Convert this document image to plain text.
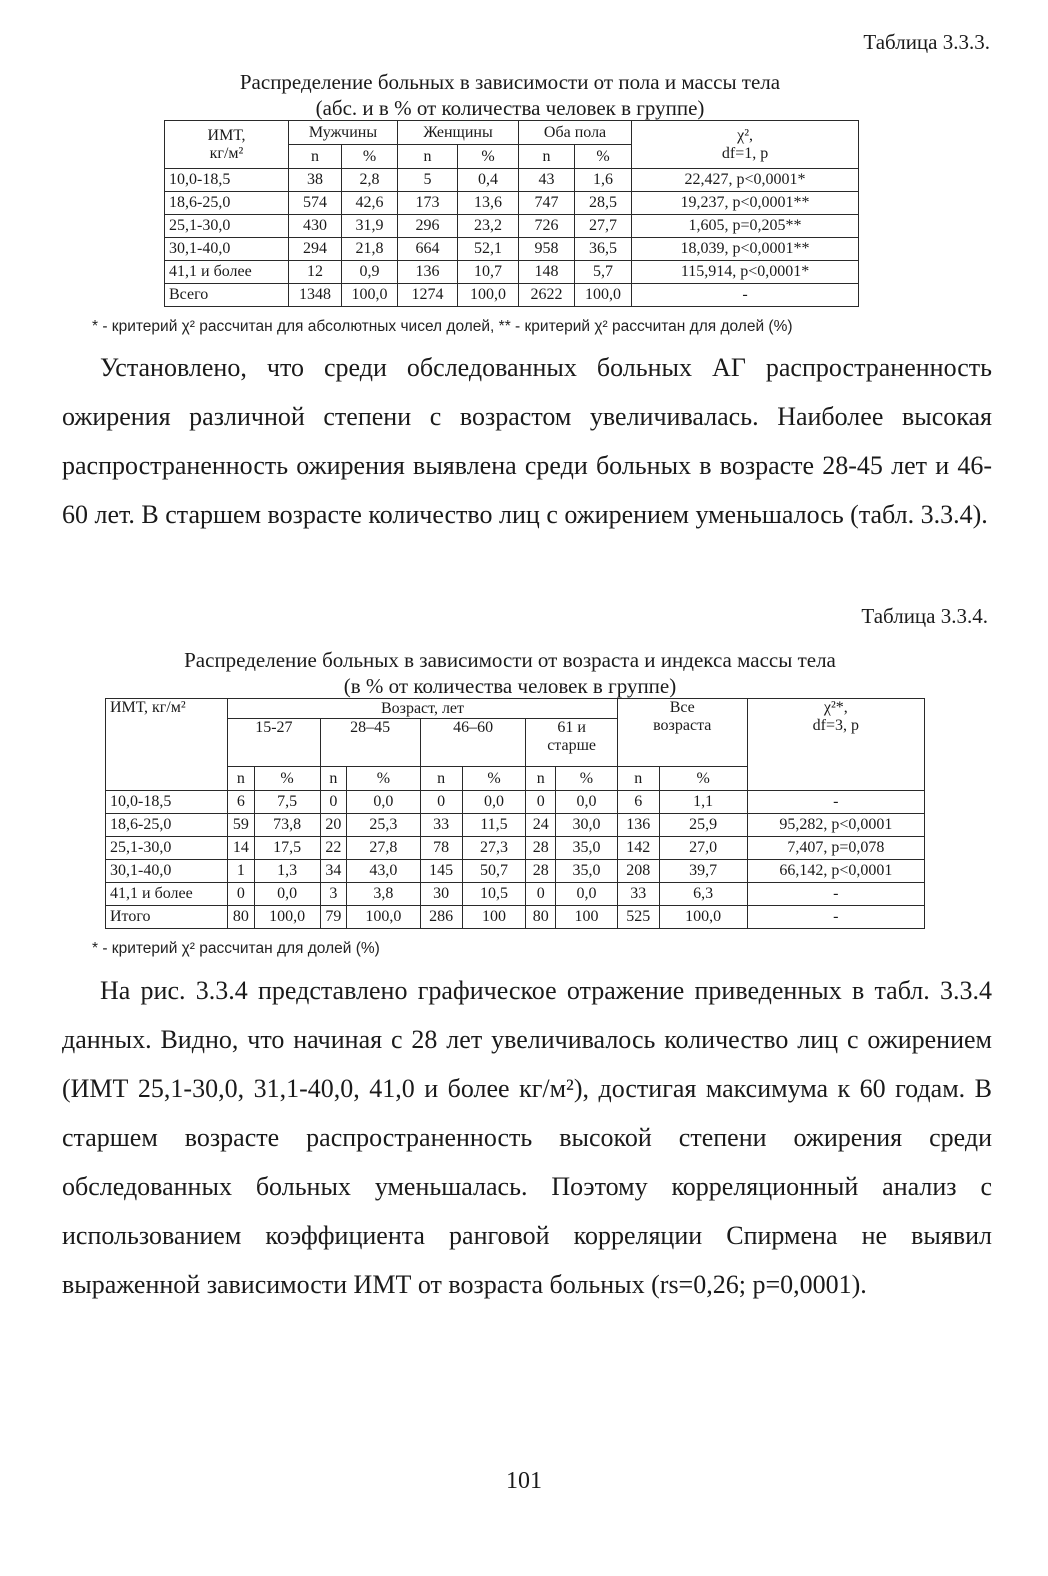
Таблица 3.3.3.
Распределение больных в зависимости от пола и массы тела
(абс. и в % от количества человек в группе)
ИМТ,
кг/м²	Мужчины		Женщины		Оба пола		χ²,
df=1, p
	n	%	n	%	n	%	
10,0-18,5	38	2,8	5	0,4	43	1,6	22,427, p<0,0001*
18,6-25,0	574	42,6	173	13,6	747	28,5	19,237, p<0,0001**
25,1-30,0	430	31,9	296	23,2	726	27,7	1,605, p=0,205**
30,1-40,0	294	21,8	664	52,1	958	36,5	18,039, p<0,0001**
41,1 и более	12	0,9	136	10,7	148	5,7	115,914, p<0,0001*
Всего	1348	100,0	1274	100,0	2622	100,0	-
* - критерий χ² рассчитан для абсолютных чисел долей, ** - критерий χ² рассчитан для долей (%)

Установлено, что среди обследованных больных АГ распространенность ожирения различной степени с возрастом увеличивалась. Наиболее высокая распространенность ожирения выявлена среди больных в возрасте 28-45 лет и 46-60 лет. В старшем возрасте количество лиц с ожирением уменьшалось (табл. 3.3.4).

Таблица 3.3.4.
Распределение больных в зависимости от возраста и индекса массы тела
(в % от количества человек в группе)
ИМТ, кг/м²	Возраст, лет								Все
возраста		χ²*,
df=3, p
	15-27		28–45		46–60		61 и
старше				
	n	%	n	%	n	%	n	%	n	%	
10,0-18,5	6	7,5	0	0,0	0	0,0	0	0,0	6	1,1	-
18,6-25,0	59	73,8	20	25,3	33	11,5	24	30,0	136	25,9	95,282, p<0,0001
25,1-30,0	14	17,5	22	27,8	78	27,3	28	35,0	142	27,0	7,407, p=0,078
30,1-40,0	1	1,3	34	43,0	145	50,7	28	35,0	208	39,7	66,142, p<0,0001
41,1 и более	0	0,0	3	3,8	30	10,5	0	0,0	33	6,3	-
Итого	80	100,0	79	100,0	286	100	80	100	525	100,0	-
* - критерий χ² рассчитан для долей (%)

На рис. 3.3.4 представлено графическое отражение приведенных в табл. 3.3.4 данных. Видно, что начиная с 28 лет увеличивалось количество лиц с ожирением (ИМТ 25,1-30,0, 31,1-40,0, 41,0 и более кг/м²), достигая максимума к 60 годам. В старшем возрасте распространенность высокой степени ожирения среди обследованных больных уменьшалась. Поэтому корреляционный анализ с использованием коэффициента ранговой корреляции Спирмена не выявил выраженной зависимости ИМТ от возраста больных (rs=0,26; p=0,0001).

101
